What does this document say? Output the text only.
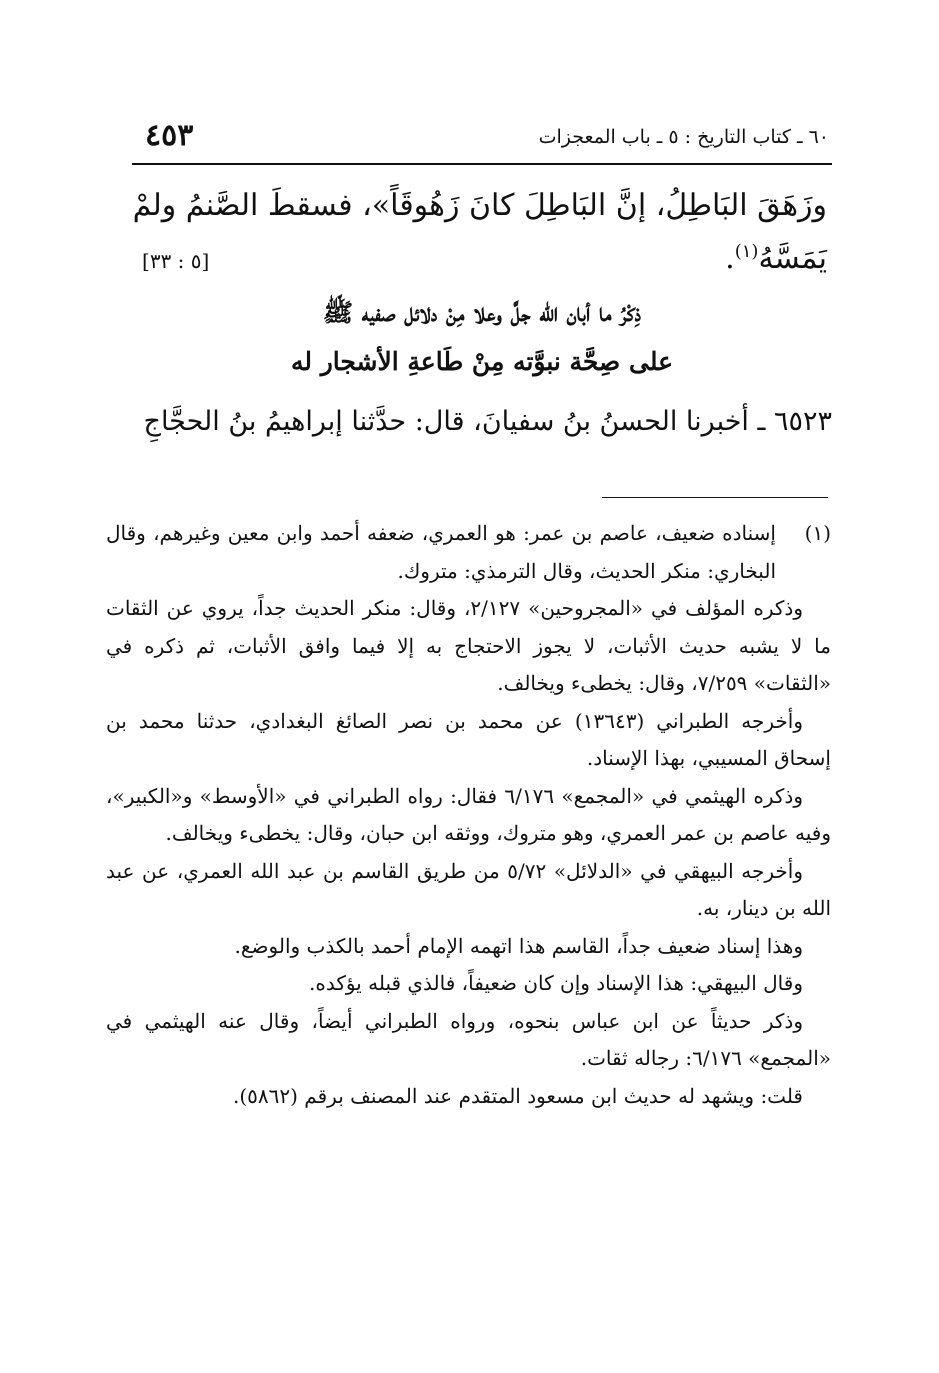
٤٥٣	٦٠ ـ كتاب التاريخ : ٥ ـ باب المعجزات
وزَهَقَ البَاطِلُ، إنَّ البَاطِلَ كانَ زَهُوقَاً»، فسقطَ الصَّنمُ ولمْ يَمَسَّهُ$^{(١)}$.
[٥ : ٣٣]
ذِكْرُ ما أبان الله جلَّ وعلا مِنْ دلائل صفيه ﷺ
على صِحَّة نبوَّته مِنْ طَاعةِ الأشجار له
٦٥٢٣ ـ أخبرنا الحسنُ بنُ سفيانَ، قال: حدَّثنا إبراهيمُ بنُ الحجَّاجِ
(١)

إسناده ضعيف، عاصم بن عمر: هو العمري، ضعفه أحمد وابن معين وغيرهم، وقال البخاري: منكر الحديث، وقال الترمذي: متروك.

وذكره المؤلف في «المجروحين» ٢/١٢٧، وقال: منكر الحديث جداً، يروي عن الثقات ما لا يشبه حديث الأثبات، لا يجوز الاحتجاج به إلا فيما وافق الأثبات، ثم ذكره في «الثقات» ٧/٢٥٩، وقال: يخطىء ويخالف.

وأخرجه الطبراني (١٣٦٤٣) عن محمد بن نصر الصائغ البغدادي، حدثنا محمد بن إسحاق المسيبي، بهذا الإسناد.

وذكره الهيثمي في «المجمع» ٦/١٧٦ فقال: رواه الطبراني في «الأوسط» و«الكبير»، وفيه عاصم بن عمر العمري، وهو متروك، ووثقه ابن حبان، وقال: يخطىء ويخالف.

وأخرجه البيهقي في «الدلائل» ٥/٧٢ من طريق القاسم بن عبد الله العمري، عن عبد الله بن دينار، به.

وهذا إسناد ضعيف جداً، القاسم هذا اتهمه الإمام أحمد بالكذب والوضع.

وقال البيهقي: هذا الإسناد وإن كان ضعيفاً، فالذي قبله يؤكده.

وذكر حديثاً عن ابن عباس بنحوه، ورواه الطبراني أيضاً، وقال عنه الهيثمي في «المجمع» ٦/١٧٦: رجاله ثقات.

قلت: ويشهد له حديث ابن مسعود المتقدم عند المصنف برقم (٥٨٦٢).
